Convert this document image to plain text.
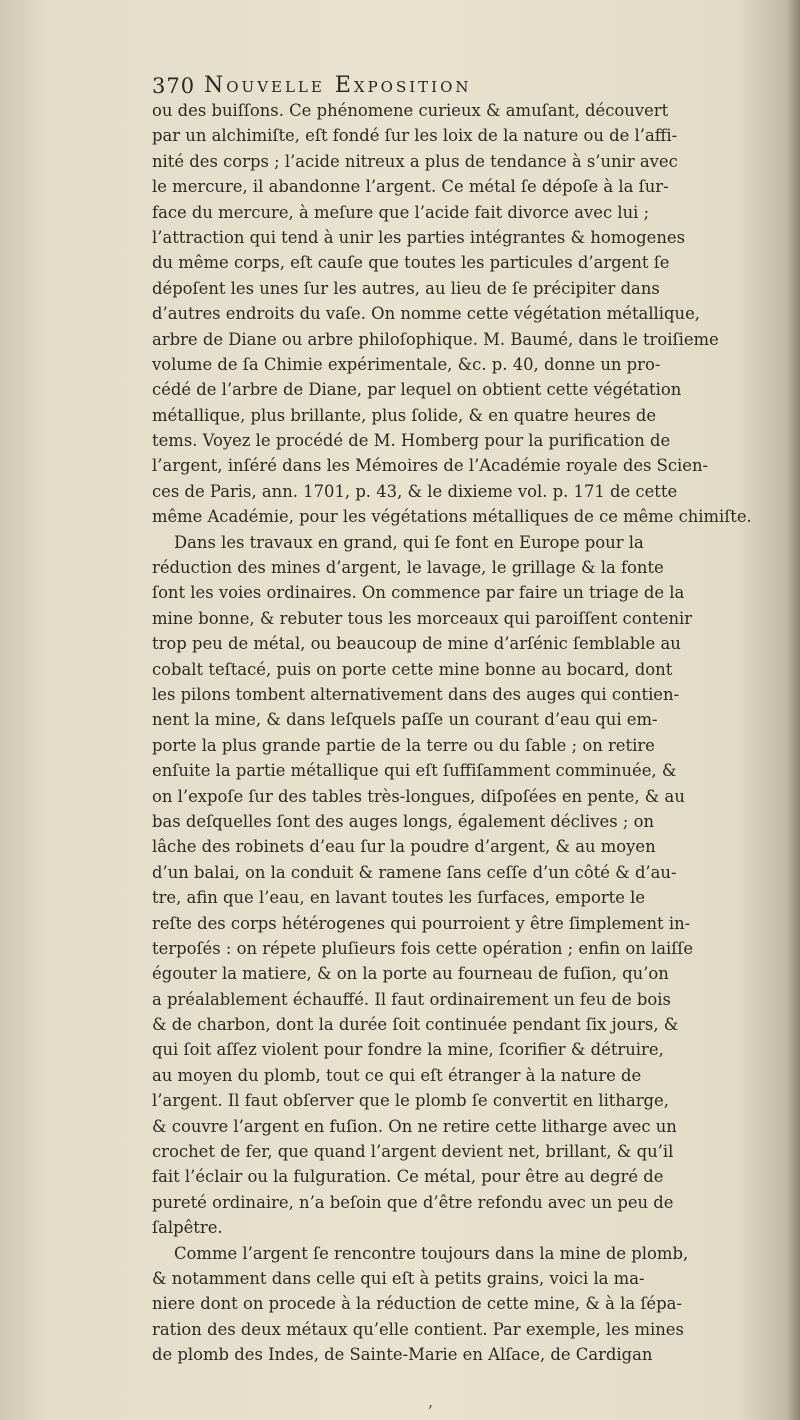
370 Nouvelle Exposition
ou des buiſſons. Ce phénomene curieux & amuſant, découvert
par un alchimiſte, eſt fondé ſur les loix de la nature ou de l’affi-
nité des corps ; l’acide nitreux a plus de tendance à s’unir avec
le mercure, il abandonne l’argent. Ce métal ſe dépoſe à la ſur-
face du mercure, à meſure que l’acide fait divorce avec lui ;
l’attraction qui tend à unir les parties intégrantes & homogenes
du même corps, eſt cauſe que toutes les particules d’argent ſe
dépoſent les unes ſur les autres, au lieu de ſe précipiter dans
d’autres endroits du vaſe. On nomme cette végétation métallique,
arbre de Diane ou arbre philoſophique. M. Baumé, dans le troiſieme
volume de ſa Chimie expérimentale, &c. p. 40, donne un pro-
cédé de l’arbre de Diane, par lequel on obtient cette végétation
métallique, plus brillante, plus ſolide, & en quatre heures de
tems. Voyez le procédé de M. Homberg pour la purification de
l’argent, inſéré dans les Mémoires de l’Académie royale des Scien-
ces de Paris, ann. 1701, p. 43, & le dixieme vol. p. 171 de cette
même Académie, pour les végétations métalliques de ce même chimiſte.
Dans les travaux en grand, qui ſe font en Europe pour la
réduction des mines d’argent, le lavage, le grillage & la fonte
ſont les voies ordinaires. On commence par faire un triage de la
mine bonne, & rebuter tous les morceaux qui paroiſſent contenir
trop peu de métal, ou beaucoup de mine d’arſénic ſemblable au
cobalt teſtacé, puis on porte cette mine bonne au bocard, dont
les pilons tombent alternativement dans des auges qui contien-
nent la mine, & dans leſquels paſſe un courant d’eau qui em-
porte la plus grande partie de la terre ou du ſable ; on retire
enſuite la partie métallique qui eſt ſuffiſamment comminuée, &
on l’expoſe ſur des tables très-longues, diſpoſées en pente, & au
bas deſquelles ſont des auges longs, également déclives ; on
lâche des robinets d’eau ſur la poudre d’argent, & au moyen
d’un balai, on la conduit & ramene ſans ceſſe d’un côté & d’au-
tre, afin que l’eau, en lavant toutes les ſurfaces, emporte le
reſte des corps hétérogenes qui pourroient y être ſimplement in-
terpoſés : on répete pluſieurs fois cette opération ; enfin on laiſſe
égouter la matiere, & on la porte au fourneau de fuſion, qu’on
a préalablement échauffé. Il faut ordinairement un feu de bois
& de charbon, dont la durée ſoit continuée pendant ſix jours, &
qui ſoit aſſez violent pour fondre la mine, ſcorifier & détruire,
au moyen du plomb, tout ce qui eſt étranger à la nature de
l’argent. Il faut obſerver que le plomb ſe convertit en litharge,
& couvre l’argent en fuſion. On ne retire cette litharge avec un
crochet de fer, que quand l’argent devient net, brillant, & qu’il
fait l’éclair ou la fulguration. Ce métal, pour être au degré de
pureté ordinaire, n’a beſoin que d’être refondu avec un peu de
ſalpêtre.
Comme l’argent ſe rencontre toujours dans la mine de plomb,
& notamment dans celle qui eſt à petits grains, voici la ma-
niere dont on procede à la réduction de cette mine, & à la ſépa-
ration des deux métaux qu’elle contient. Par exemple, les mines
de plomb des Indes, de Sainte-Marie en Alſace, de Cardigan
‚
